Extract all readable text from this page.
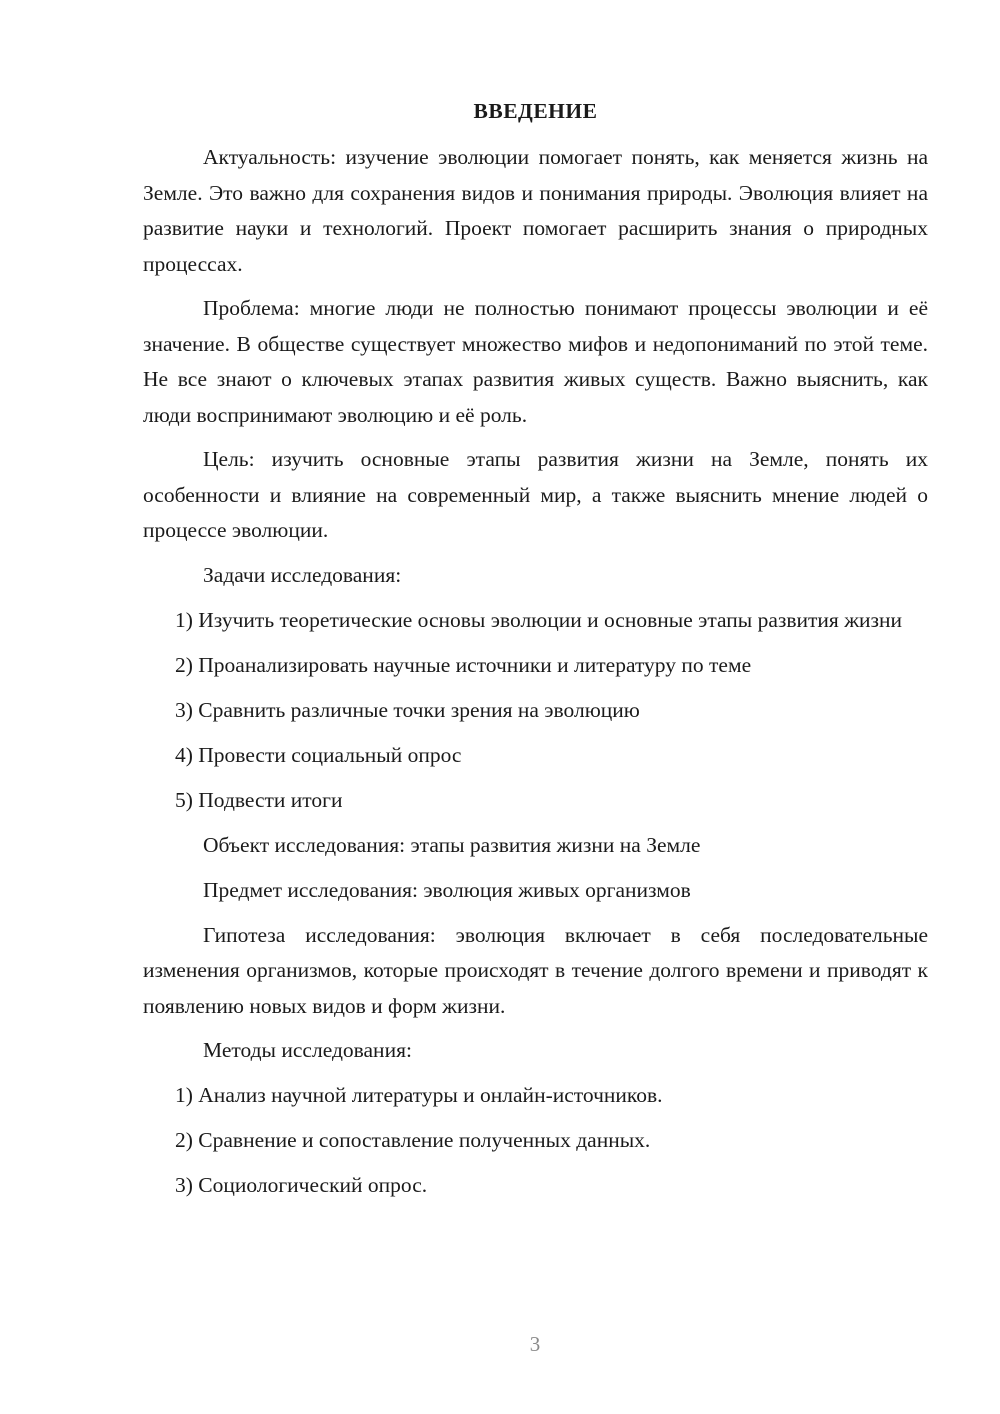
ВВЕДЕНИЕ

Актуальность: изучение эволюции помогает понять, как меняется жизнь на Земле. Это важно для сохранения видов и понимания природы. Эволюция влияет на развитие науки и технологий. Проект помогает расширить знания о природных процессах.

Проблема: многие люди не полностью понимают процессы эволюции и её значение. В обществе существует множество мифов и недопониманий по этой теме. Не все знают о ключевых этапах развития живых существ. Важно выяснить, как люди воспринимают эволюцию и её роль.

Цель: изучить основные этапы развития жизни на Земле, понять их особенности и влияние на современный мир, а также выяснить мнение людей о процессе эволюции.

Задачи исследования:
1) Изучить теоретические основы эволюции и основные этапы развития жизни
2) Проанализировать научные источники и литературу по теме
3) Сравнить различные точки зрения на эволюцию
4) Провести социальный опрос
5) Подвести итоги
Объект исследования: этапы развития жизни на Земле
Предмет исследования: эволюция живых организмов

Гипотеза исследования: эволюция включает в себя последовательные изменения организмов, которые происходят в течение долгого времени и приводят к появлению новых видов и форм жизни.

Методы исследования:
1) Анализ научной литературы и онлайн-источников.
2) Сравнение и сопоставление полученных данных.
3) Социологический опрос.
3
